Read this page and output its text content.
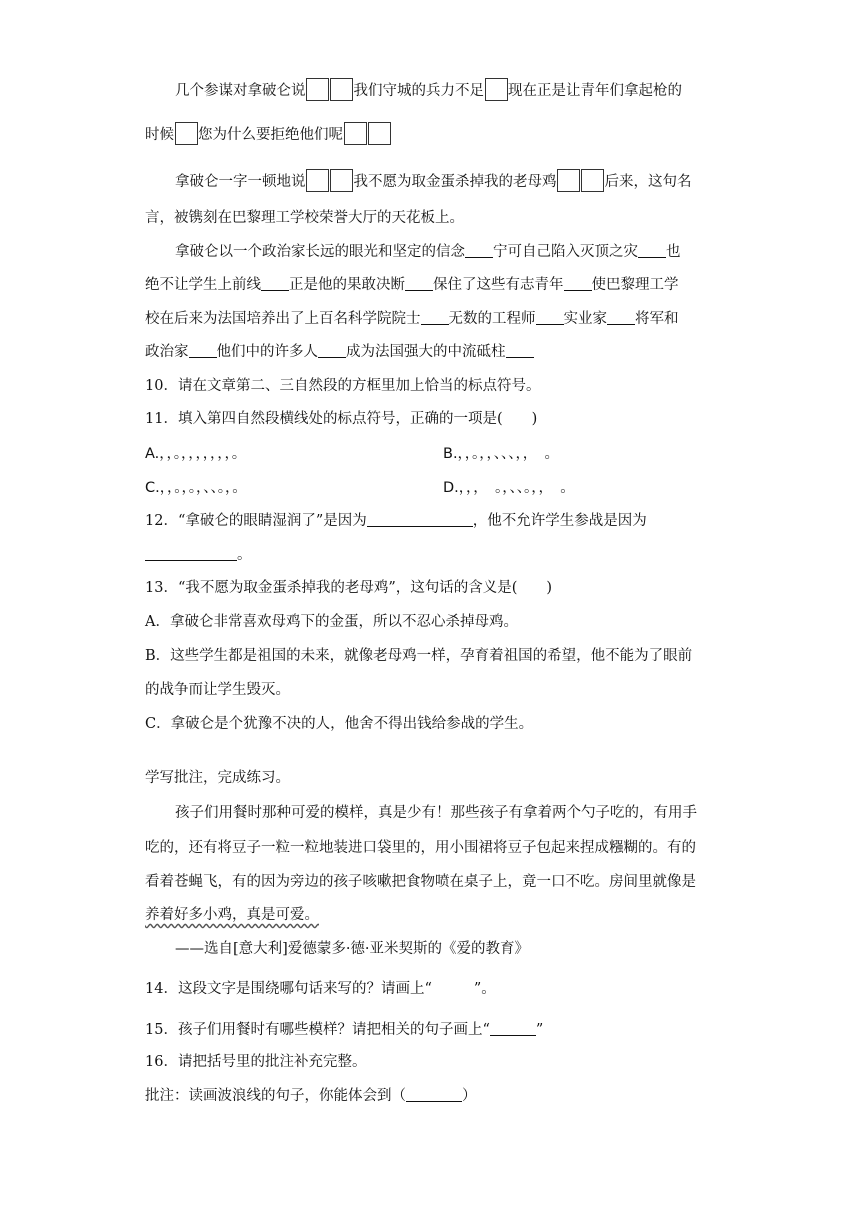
几个参谋对拿破仑说	我们守城的兵力不足 现在正是让青年们拿起枪的
时候 您为什么要拒绝他们呢
拿破仑一字一顿地说	我不愿为取金蛋杀掉我的老母鸡	后来，这句名
言，被镌刻在巴黎理工学校荣誉大厅的天花板上。
拿破仑以一个政治家长远的眼光和坚定的信念 宁可自己陷入灭顶之灾 也
绝不让学生上前线 正是他的果敢决断 保住了这些有志青年 使巴黎理工学
校在后来为法国培养出了上百名科学院院士 无数的工程师 实业家 将军和
政治家 他们中的许多人 成为法国强大的中流砥柱
10．请在文章第二、三自然段的方框里加上恰当的标点符号。
11．填入第四自然段横线处的标点符号，正确的一项是(　　)
A.，，。，，，，，，，。	B.，，。，，、、、，，　。
C.，，。，。，、、。，。	D.，，，　。，、、。，，　。
12．“拿破仑的眼睛湿润了”是因为	，他不允许学生参战是因为
。
13．“我不愿为取金蛋杀掉我的老母鸡”，这句话的含义是(　　)
A．拿破仑非常喜欢母鸡下的金蛋，所以不忍心杀掉母鸡。
B．这些学生都是祖国的未来，就像老母鸡一样，孕育着祖国的希望，他不能为了眼前
的战争而让学生毁灭。
C．拿破仑是个犹豫不决的人，他舍不得出钱给参战的学生。
学写批注，完成练习。
孩子们用餐时那种可爱的模样，真是少有！那些孩子有拿着两个勺子吃的，有用手
吃的，还有将豆子一粒一粒地装进口袋里的，用小围裙将豆子包起来捏成糨糊的。有的
看着苍蝇飞，有的因为旁边的孩子咳嗽把食物喷在桌子上，竟一口不吃。房间里就像是
养着好多小鸡，真是可爱。
——选自[意大利]爱德蒙多·德·亚米契斯的《爱的教育》
14．这段文字是围绕哪句话来写的？请画上“	”。
15．孩子们用餐时有哪些模样？请把相关的句子画上“	”
16．请把括号里的批注补充完整。
批注：读画波浪线的句子，你能体会到（	）
